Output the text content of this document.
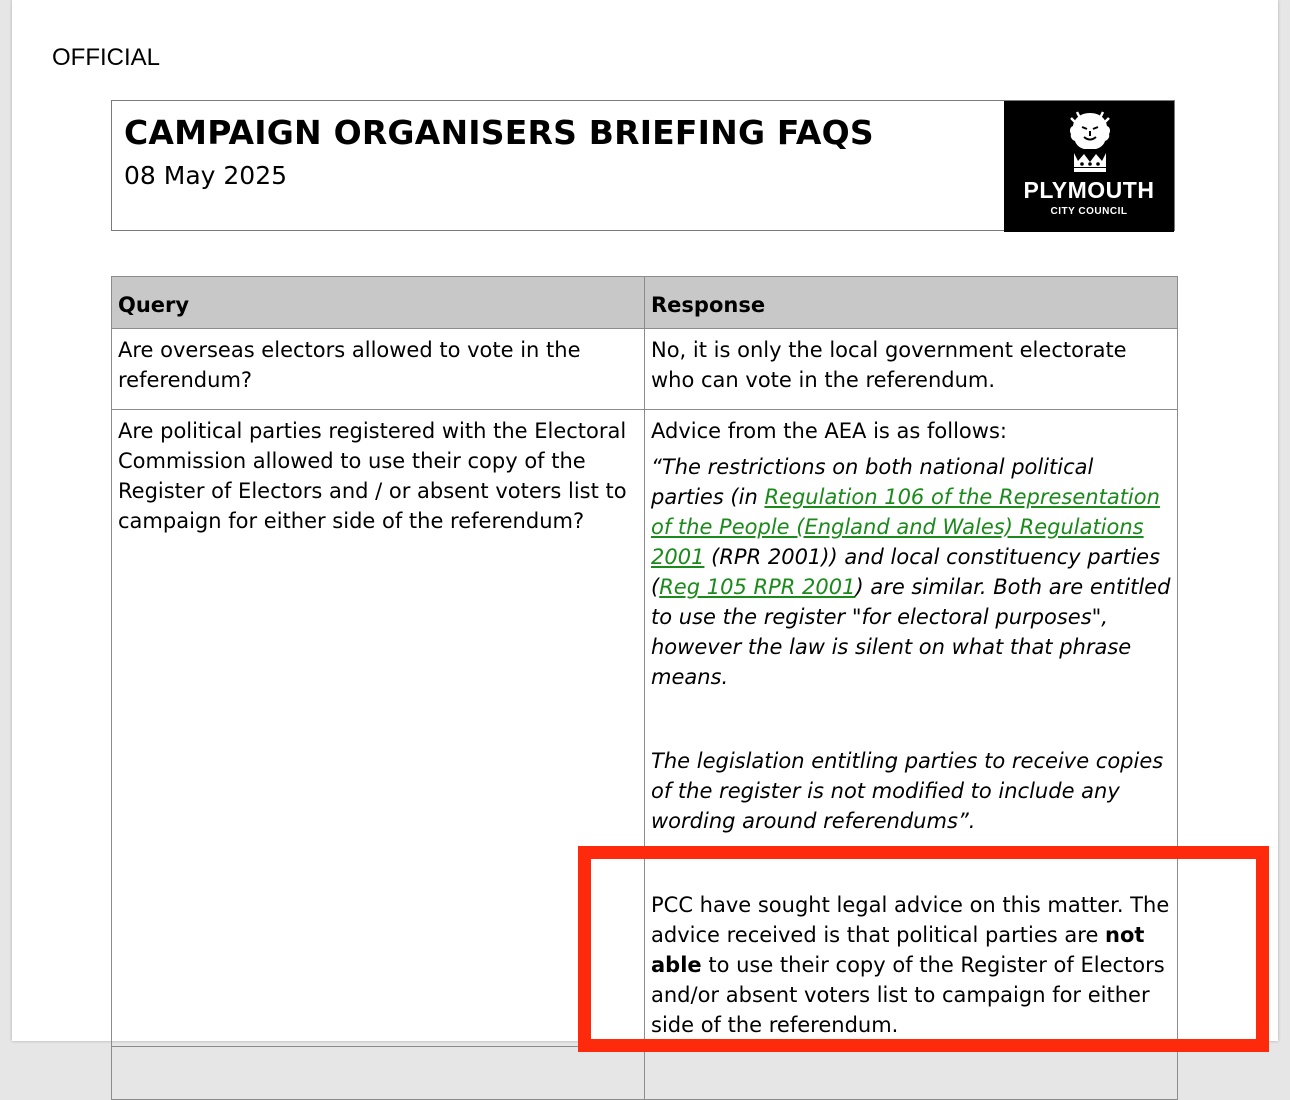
OFFICIAL
CAMPAIGN ORGANISERS BRIEFING FAQS
08 May 2025	PLYMOUTH
CITY COUNCIL
Query	Response
Are overseas electors allowed to vote in the referendum?	No, it is only the local government electorate who can vote in the referendum.
Are political parties registered with the Electoral Commission allowed to use their copy of the Register of Electors and / or absent voters list to campaign for either side of the referendum?	Advice from the AEA is as follows:

“The restrictions on both national political parties (in Regulation 106 of the Representation of the People (England and Wales) Regulations 2001 (RPR 2001)) and local constituency parties (Reg 105 RPR 2001) are similar. Both are entitled to use the register "for electoral purposes", however the law is silent on what that phrase means.

The legislation entitling parties to receive copies of the register is not modified to include any wording around referendums”.

PCC have sought legal advice on this matter. The advice received is that political parties are not able to use their copy of the Register of Electors and/or absent voters list to campaign for either side of the referendum.
